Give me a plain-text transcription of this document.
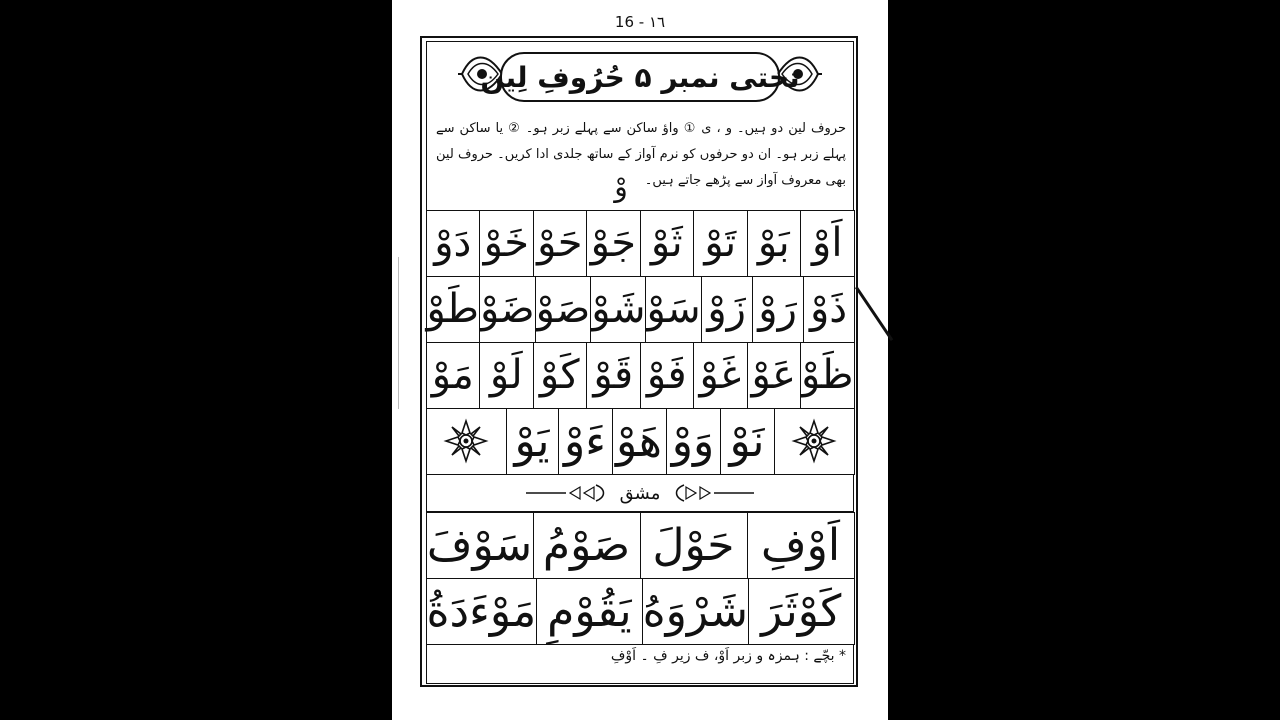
16 - ١٦
تختی نمبر ۵ حُرُوفِ لِین
حروف لین دو ہیں۔ و ، ی ① واؤ ساکن سے پہلے زبر ہو۔ ② یا ساکن سے پہلے زبر ہو۔ ان دو حرفوں کو نرم آواز کے ساتھ جلدی ادا کریں۔ حروف لین بھی معروف آواز سے پڑھے جاتے ہیں۔
وْ
اَوْ
بَوْ
تَوْ
ثَوْ
جَوْ
حَوْ
خَوْ
دَوْ
ذَوْ
رَوْ
زَوْ
سَوْ
شَوْ
صَوْ
ضَوْ
طَوْ
ظَوْ
عَوْ
غَوْ
فَوْ
قَوْ
كَوْ
لَوْ
مَوْ
نَوْ
وَوْ
هَوْ
ءَوْ
يَوْ
مشق
اَوْفِ
حَوْلَ
صَوْمُ
سَوْفَ
كَوْثَرَ
شَرْوَهُ
يَقُوْمِ
مَوْءَدَةُ
* بچّے : ہمزہ و زبر اَوْ، ف زیر فِ ۔ اَوْفِ
